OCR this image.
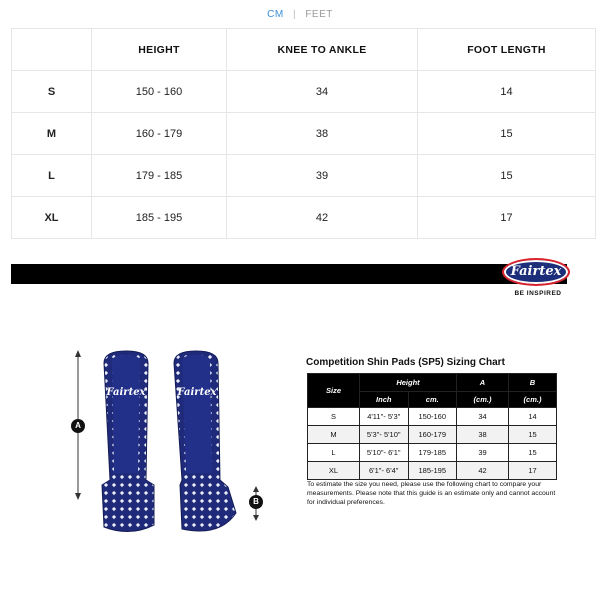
CM | FEET
	HEIGHT	KNEE TO ANKLE	FOOT LENGTH
S	150 - 160	34	14
M	160 - 179	38	15
L	179 - 185	39	15
XL	185 - 195	42	17
Fairtex
BE INSPIRED
Fairtex	Fairtex
A
B
Competition Shin Pads (SP5) Sizing Chart
Size	Height		A	B
	Inch	cm.	(cm.)	(cm.)
S	4'11"- 5'3"	150-160	34	14
M	5'3"- 5'10"	160-179	38	15
L	5'10"- 6'1"	179-185	39	15
XL	6'1"- 6'4"	185-195	42	17
To estimate the size you need, please use the following chart to compare your measurements. Please note that this guide is an estimate only and cannot account for individual preferences.
